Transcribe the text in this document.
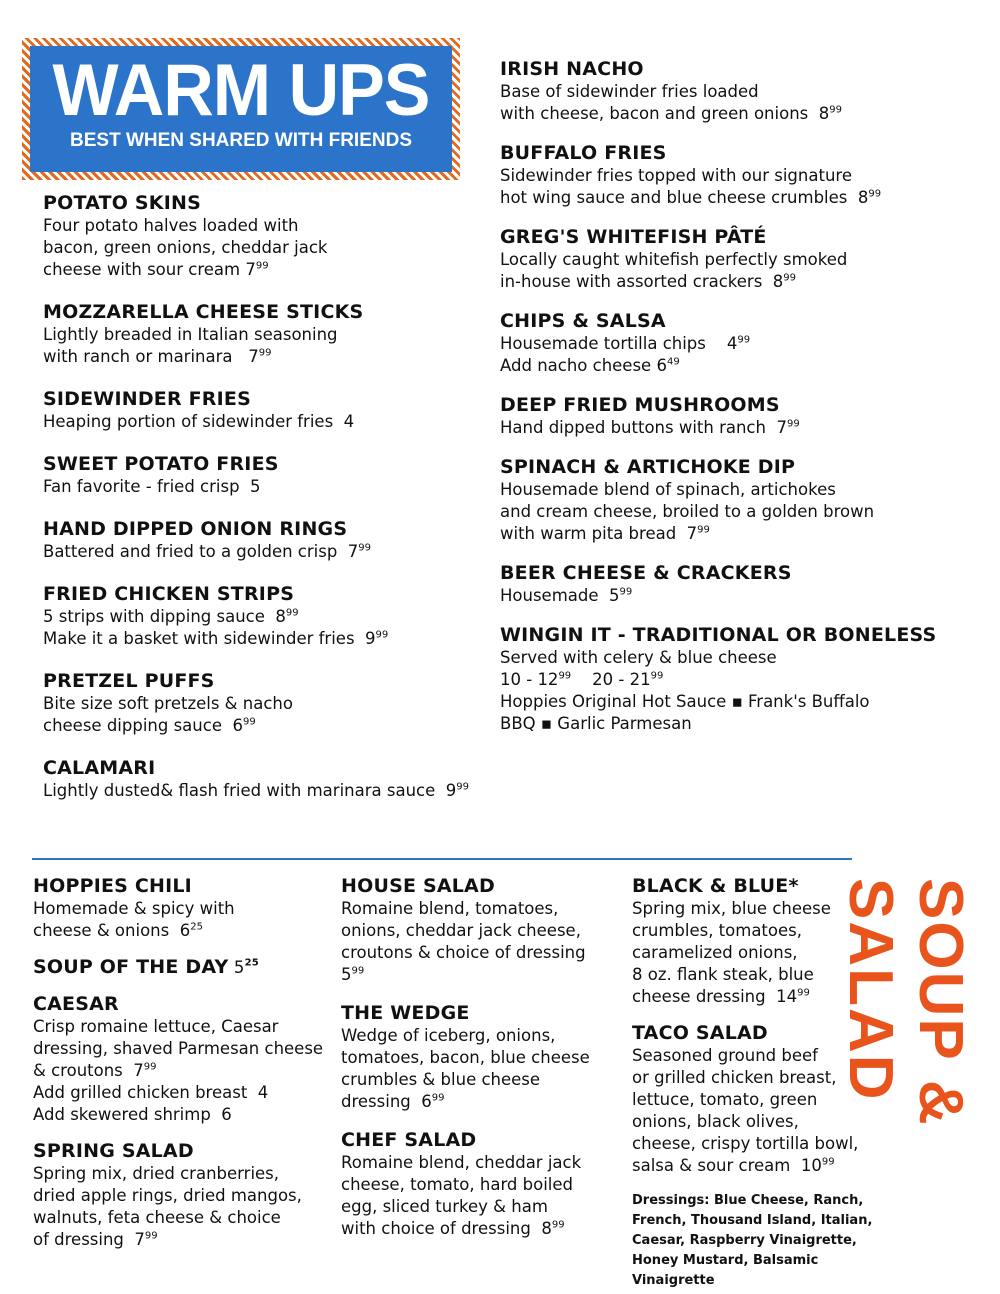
WARM UPS
BEST WHEN SHARED WITH FRIENDS
POTATO SKINS
Four potato halves loaded with
bacon, green onions, cheddar jack
cheese with sour cream $7^{99}$
MOZZARELLA CHEESE STICKS
Lightly breaded in Italian seasoning
with ranch or marinara   $7^{99}$
SIDEWINDER FRIES
Heaping portion of sidewinder fries  4
SWEET POTATO FRIES
Fan favorite - fried crisp  5
HAND DIPPED ONION RINGS
Battered and fried to a golden crisp  $7^{99}$
FRIED CHICKEN STRIPS
5 strips with dipping sauce  $8^{99}$
Make it a basket with sidewinder fries  $9^{99}$
PRETZEL PUFFS
Bite size soft pretzels & nacho
cheese dipping sauce  $6^{99}$
CALAMARI
Lightly dusted& flash fried with marinara sauce  $9^{99}$
IRISH NACHO
Base of sidewinder fries loaded
with cheese, bacon and green onions  $8^{99}$
BUFFALO FRIES
Sidewinder fries topped with our signature
hot wing sauce and blue cheese crumbles  $8^{99}$
GREG'S WHITEFISH PÂTÉ
Locally caught whitefish perfectly smoked
in-house with assorted crackers  $8^{99}$
CHIPS & SALSA
Housemade tortilla chips    $4^{99}$
Add nacho cheese $6^{49}$
DEEP FRIED MUSHROOMS
Hand dipped buttons with ranch  $7^{99}$
SPINACH & ARTICHOKE DIP
Housemade blend of spinach, artichokes
and cream cheese, broiled to a golden brown
with warm pita bread  $7^{99}$
BEER CHEESE & CRACKERS
Housemade  $5^{99}$
WINGIN IT - TRADITIONAL OR BONELESS
Served with celery & blue cheese
$10 - 12^{99}$    $20 - 21^{99}$
Hoppies Original Hot Sauce ▪ Frank's Buffalo
BBQ ▪ Garlic Parmesan
HOPPIES CHILI
Homemade & spicy with
cheese & onions  $6^{25}$
SOUP OF THE DAY $5^{25}$
CAESAR
Crisp romaine lettuce, Caesar
dressing, shaved Parmesan cheese
& croutons  $7^{99}$
Add grilled chicken breast  4
Add skewered shrimp  6
SPRING SALAD
Spring mix, dried cranberries,
dried apple rings, dried mangos,
walnuts, feta cheese & choice
of dressing  $7^{99}$
HOUSE SALAD
Romaine blend, tomatoes,
onions, cheddar jack cheese,
croutons & choice of dressing
$5^{99}$
THE WEDGE
Wedge of iceberg, onions,
tomatoes, bacon, blue cheese
crumbles & blue cheese
dressing  $6^{99}$
CHEF SALAD
Romaine blend, cheddar jack
cheese, tomato, hard boiled
egg, sliced turkey & ham
with choice of dressing  $8^{99}$
BLACK & BLUE*
Spring mix, blue cheese
crumbles, tomatoes,
caramelized onions,
8 oz. flank steak, blue
cheese dressing  $14^{99}$
TACO SALAD
Seasoned ground beef
or grilled chicken breast,
lettuce, tomato, green
onions, black olives,
cheese, crispy tortilla bowl,
salsa & sour cream  $10^{99}$
Dressings: Blue Cheese, Ranch,
French, Thousand Island, Italian,
Caesar, Raspberry Vinaigrette,
Honey Mustard, Balsamic Vinaigrette
SOUP & SALAD
